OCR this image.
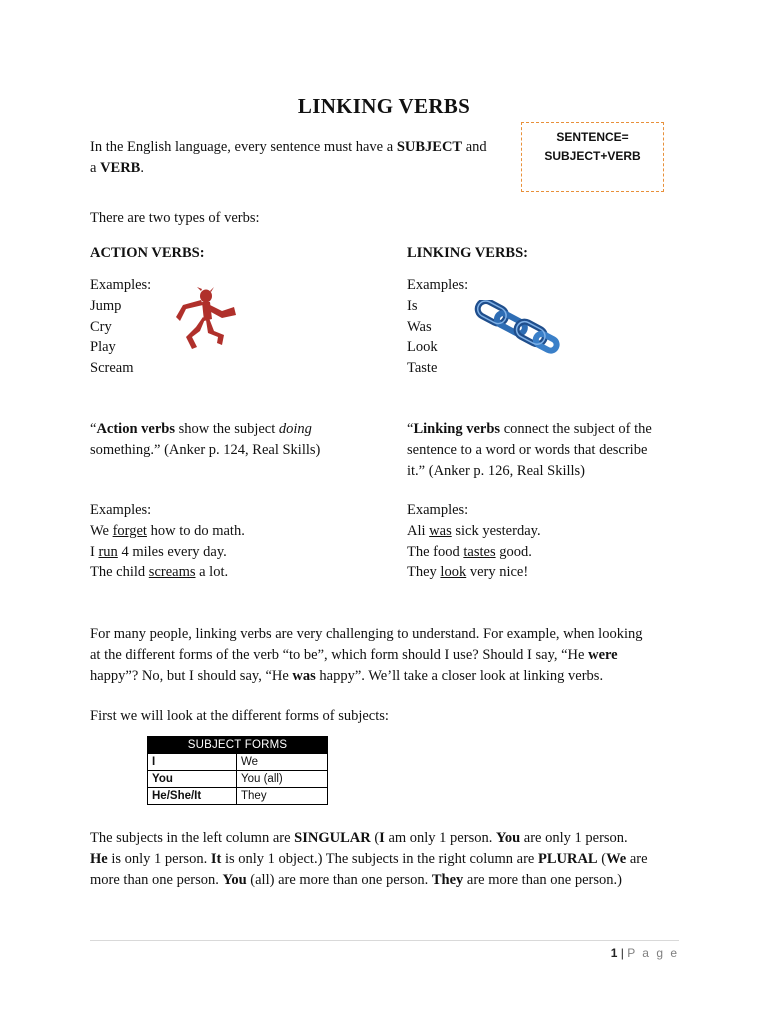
LINKING VERBS
SENTENCE=
SUBJECT+VERB
In the English language, every sentence must have a SUBJECT and
a VERB.
There are two types of verbs:
ACTION VERBS:
Examples:
Jump
Cry
Play
Scream
LINKING VERBS:
Examples:
Is
Was
Look
Taste
“Action verbs show the subject doing
something.” (Anker p. 124, Real Skills)
“Linking verbs connect the subject of the
sentence to a word or words that describe
it.” (Anker p. 126, Real Skills)
Examples:
We forget how to do math.
I run 4 miles every day.
The child screams a lot.
Examples:
Ali was sick yesterday.
The food tastes good.
They look very nice!
For many people, linking verbs are very challenging to understand. For example, when looking
at the different forms of the verb “to be”, which form should I use? Should I say, “He were
happy”? No, but I should say, “He was happy”. We’ll take a closer look at linking verbs.
First we will look at the different forms of subjects:
SUBJECT FORMS	
I	We
You	You (all)
He/She/It	They
The subjects in the left column are SINGULAR (I am only 1 person. You are only 1 person.
He is only 1 person. It is only 1 object.) The subjects in the right column are PLURAL (We are
more than one person. You (all) are more than one person. They are more than one person.)
1 | P a g e
